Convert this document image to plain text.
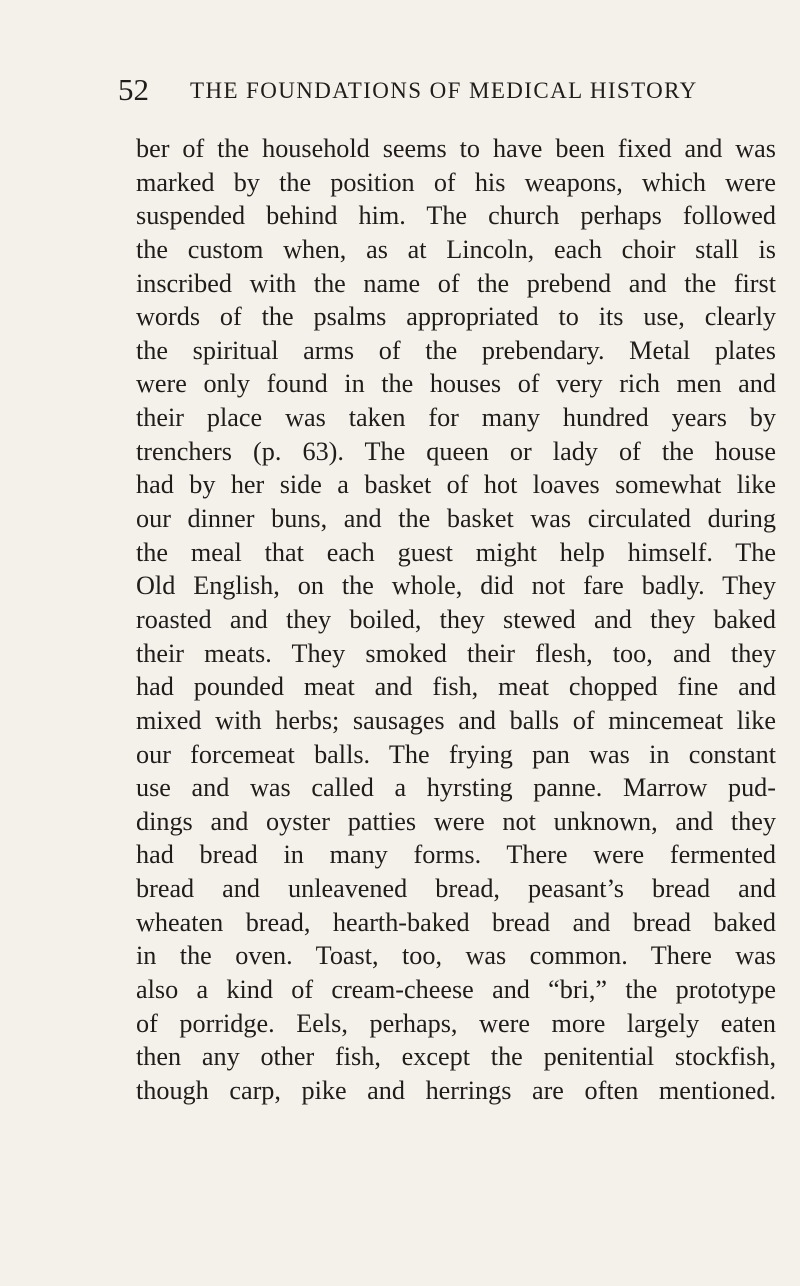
52 THE FOUNDATIONS OF MEDICAL HISTORY
ber of the household seems to have been fixed and was
marked by the position of his weapons, which were
suspended behind him. The church perhaps followed
the custom when, as at Lincoln, each choir stall is
inscribed with the name of the prebend and the first
words of the psalms appropriated to its use, clearly
the spiritual arms of the prebendary. Metal plates
were only found in the houses of very rich men and
their place was taken for many hundred years by
trenchers (p. 63). The queen or lady of the house
had by her side a basket of hot loaves somewhat like
our dinner buns, and the basket was circulated during
the meal that each guest might help himself. The
Old English, on the whole, did not fare badly. They
roasted and they boiled, they stewed and they baked
their meats. They smoked their flesh, too, and they
had pounded meat and fish, meat chopped fine and
mixed with herbs; sausages and balls of mincemeat like
our forcemeat balls. The frying pan was in constant
use and was called a hyrsting panne. Marrow pud-
dings and oyster patties were not unknown, and they
had bread in many forms. There were fermented
bread and unleavened bread, peasant’s bread and
wheaten bread, hearth-baked bread and bread baked
in the oven. Toast, too, was common. There was
also a kind of cream-cheese and “bri,” the prototype
of porridge. Eels, perhaps, were more largely eaten
then any other fish, except the penitential stockfish,
though carp, pike and herrings are often mentioned.
